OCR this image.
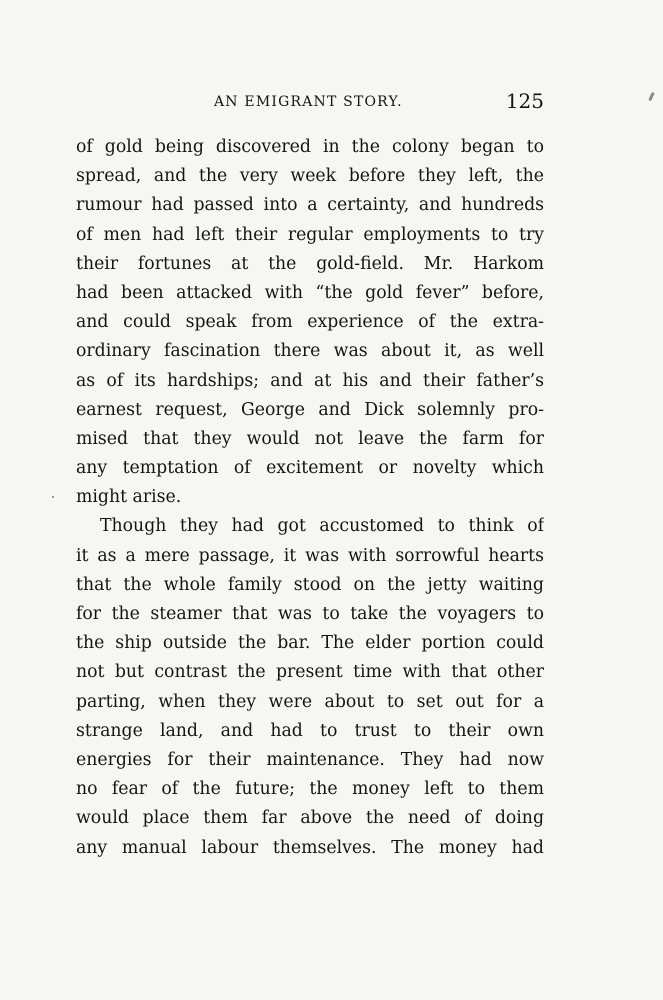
AN EMIGRANT STORY.	125
of gold being discovered in the colony began to
spread, and the very week before they left, the
rumour had passed into a certainty, and hundreds
of men had left their regular employments to try
their fortunes at the gold-field. Mr. Harkom
had been attacked with “the gold fever” before,
and could speak from experience of the extra-
ordinary fascination there was about it, as well
as of its hardships; and at his and their father’s
earnest request, George and Dick solemnly pro-
mised that they would not leave the farm for
any temptation of excitement or novelty which
might arise.
Though they had got accustomed to think of
it as a mere passage, it was with sorrowful hearts
that the whole family stood on the jetty waiting
for the steamer that was to take the voyagers to
the ship outside the bar. The elder portion could
not but contrast the present time with that other
parting, when they were about to set out for a
strange land, and had to trust to their own
energies for their maintenance. They had now
no fear of the future; the money left to them
would place them far above the need of doing
any manual labour themselves. The money had
